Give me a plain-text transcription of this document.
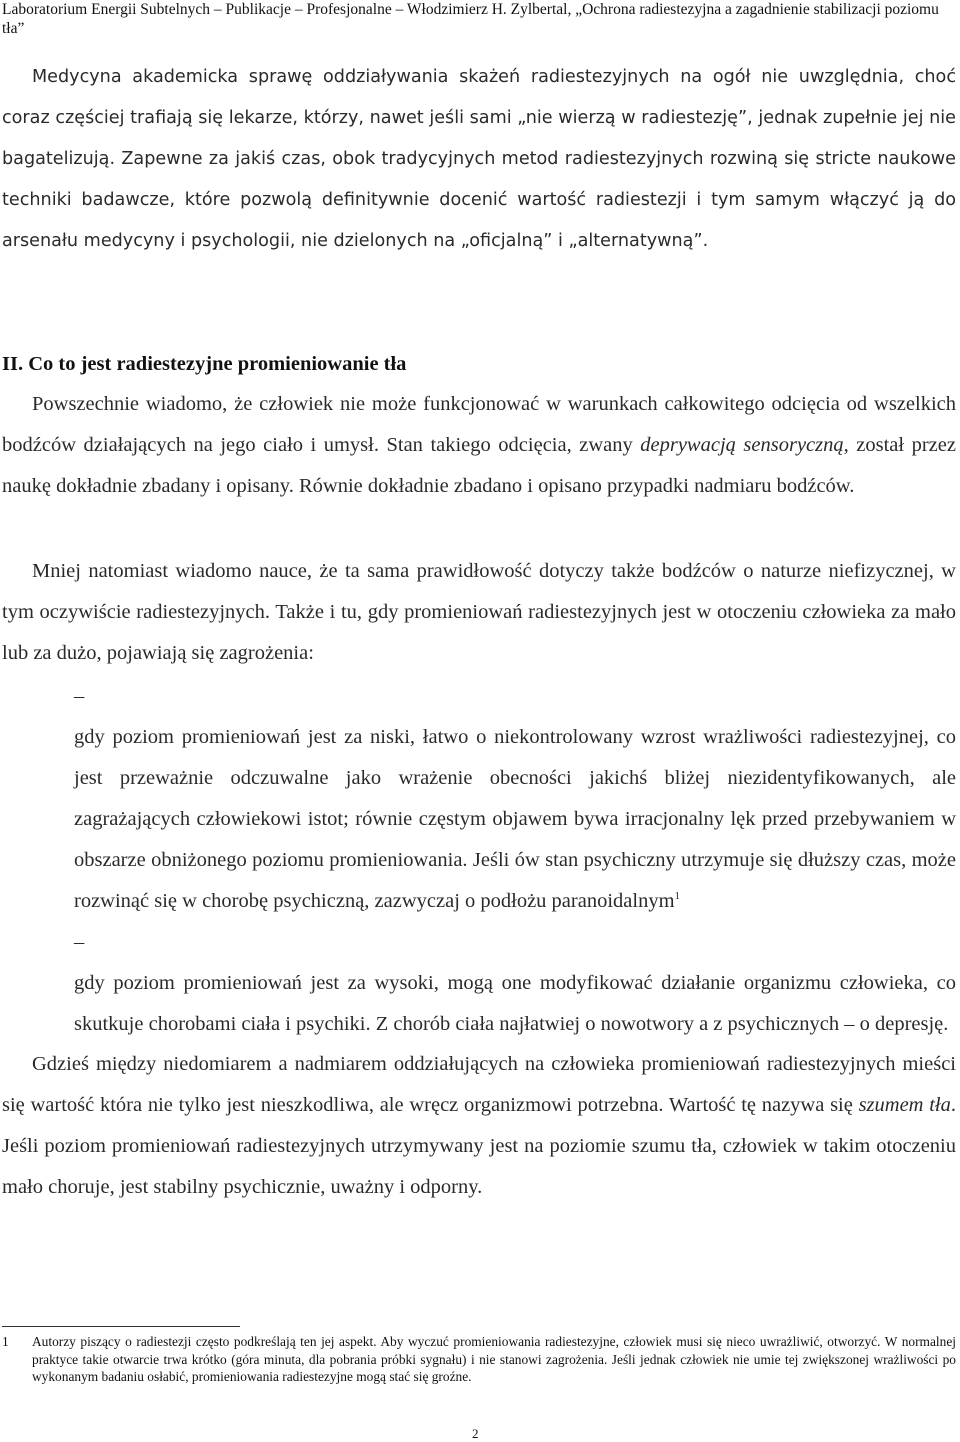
Laboratorium Energii Subtelnych – Publikacje – Profesjonalne – Włodzimierz H. Zylbertal, „Ochrona radiestezyjna a zagadnienie stabilizacji poziomu tła”

Medycyna akademicka sprawę oddziaływania skażeń radiestezyjnych na ogół nie uwzględnia, choć coraz częściej trafiają się lekarze, którzy, nawet jeśli sami „nie wierzą w radiestezję”, jednak zupełnie jej nie bagatelizują. Zapewne za jakiś czas, obok tradycyjnych metod radiestezyjnych rozwiną się stricte naukowe techniki badawcze, które pozwolą definitywnie docenić wartość radiestezji i tym samym włączyć ją do arsenału medycyny i psychologii, nie dzielonych na „oficjalną” i „alternatywną”.

II. Co to jest radiestezyjne promieniowanie tła

Powszechnie wiadomo, że człowiek nie może funkcjonować w warunkach całkowitego odcięcia od wszelkich bodźców działających na jego ciało i umysł. Stan takiego odcięcia, zwany deprywacją sensoryczną, został przez naukę dokładnie zbadany i opisany. Równie dokładnie zbadano i opisano przypadki nadmiaru bodźców.

Mniej natomiast wiadomo nauce, że ta sama prawidłowość dotyczy także bodźców o naturze niefizycznej, w tym oczywiście radiestezyjnych. Także i tu, gdy promieniowań radiestezyjnych jest w otoczeniu człowieka za mało lub za dużo, pojawiają się zagrożenia:

–

gdy poziom promieniowań jest za niski, łatwo o niekontrolowany wzrost wrażliwości radiestezyjnej, co jest przeważnie odczuwalne jako wrażenie obecności jakichś bliżej niezidentyfikowanych, ale zagrażających człowiekowi istot; równie częstym objawem bywa irracjonalny lęk przed przebywaniem w obszarze obniżonego poziomu promieniowania. Jeśli ów stan psychiczny utrzymuje się dłuższy czas, może rozwinąć się w chorobę psychiczną, zazwyczaj o podłożu paranoidalnym$^1$

–

gdy poziom promieniowań jest za wysoki, mogą one modyfikować działanie organizmu człowieka, co skutkuje chorobami ciała i psychiki. Z chorób ciała najłatwiej o nowotwory a z psychicznych – o depresję.

Gdzieś między niedomiarem a nadmiarem oddziałujących na człowieka promieniowań radiestezyjnych mieści się wartość która nie tylko jest nieszkodliwa, ale wręcz organizmowi potrzebna. Wartość tę nazywa się szumem tła. Jeśli poziom promieniowań radiestezyjnych utrzymywany jest na poziomie szumu tła, człowiek w takim otoczeniu mało choruje, jest stabilny psychicznie, uważny i odporny.

1	Autorzy piszący o radiestezji często podkreślają ten jej aspekt. Aby wyczuć promieniowania radiestezyjne, człowiek musi się nieco uwrażliwić, otworzyć. W normalnej praktyce takie otwarcie trwa krótko (góra minuta, dla pobrania próbki sygnału) i nie stanowi zagrożenia. Jeśli jednak człowiek nie umie tej zwiększonej wrażliwości po wykonanym badaniu osłabić, promieniowania radiestezyjne mogą stać się groźne.
2
